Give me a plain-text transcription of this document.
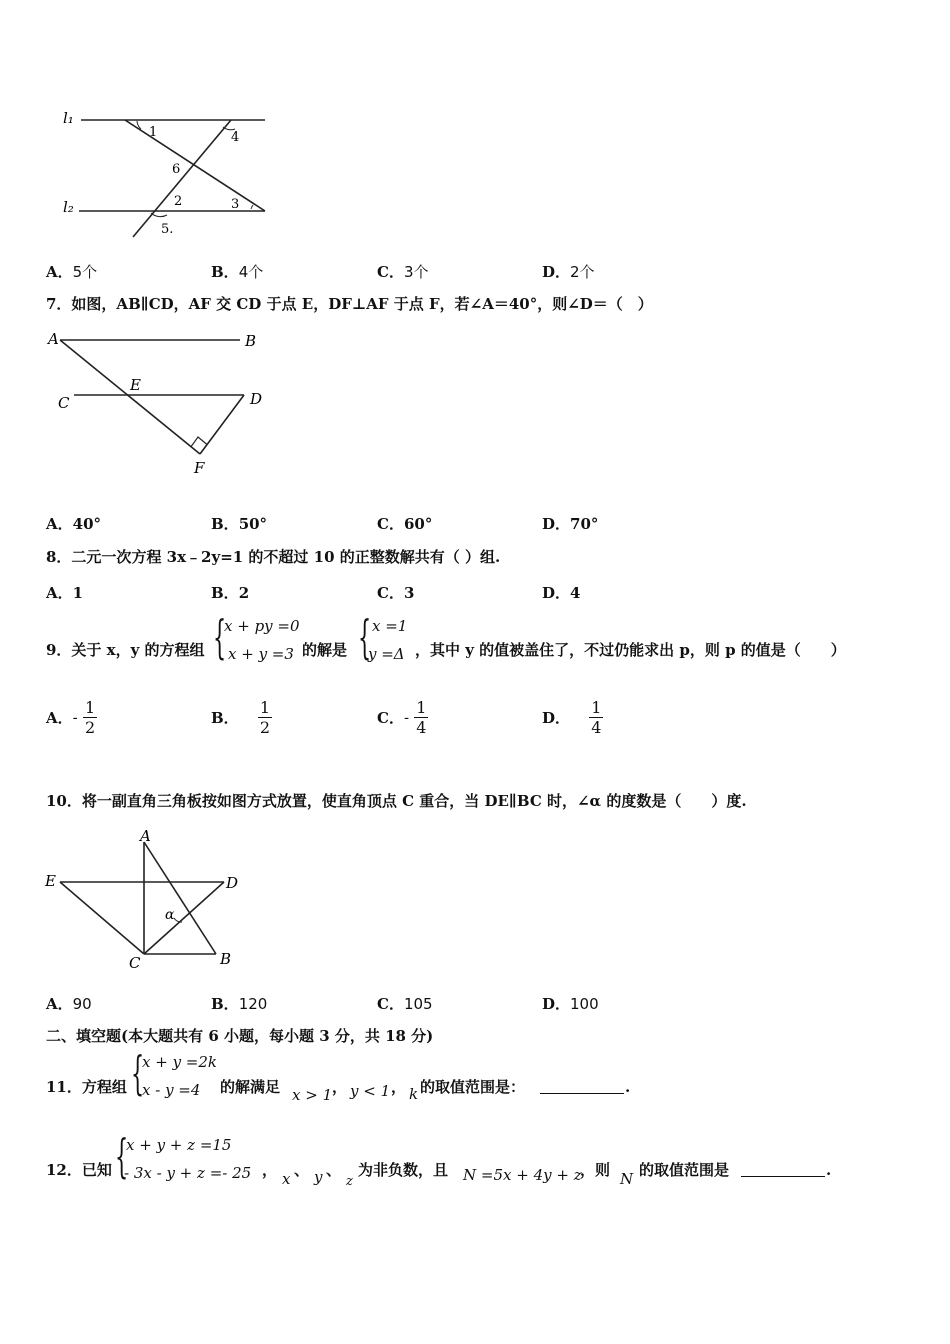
l₁
l₂
1	4
6
2	3
5.
A．5个	B．4个	C．3个	D．2个
7．如图，AB∥CD，AF 交 CD 于点 E，DF⊥AF 于点 F，若∠A＝40°，则∠D＝（　）
A	B
C
E
D
F
A．40°	B．50°	C．60°	D．70°
8．二元一次方程 3x﹣2y=1 的不超过 10 的正整数解共有（ ）组.
A．1	B．2	C．3	D．4
9．关于 x，y 的方程组 {
x + py =0
x + y =3 的解是 { x =1
y =Δ ，其中 y 的值被盖住了，不过仍能求出 p，则 p 的值是（　　）
A．- $\frac{1}{2}$	B． $\frac{1}{2}$	C．- $\frac{1}{4}$	D． $\frac{1}{4}$
10．将一副直角三角板按如图方式放置，使直角顶点 C 重合，当 DE∥BC 时，∠α 的度数是（　　）度.
A
E	D
α
C	B
A．90	B．120	C．105	D．100
二、填空题(本大题共有 6 小题，每小题 3 分，共 18 分)
11．方程组 {
x + y =2k
x - y =4 的解满足 x > 1 ， y < 1 ， k 的取值范围是：	.
12．已知 {
x + y + z =15
- 3x - y + z =- 25 ， x 、 y 、
z
为非负数，且 N =5x + 4y + z
，则 N 的取值范围是	.
